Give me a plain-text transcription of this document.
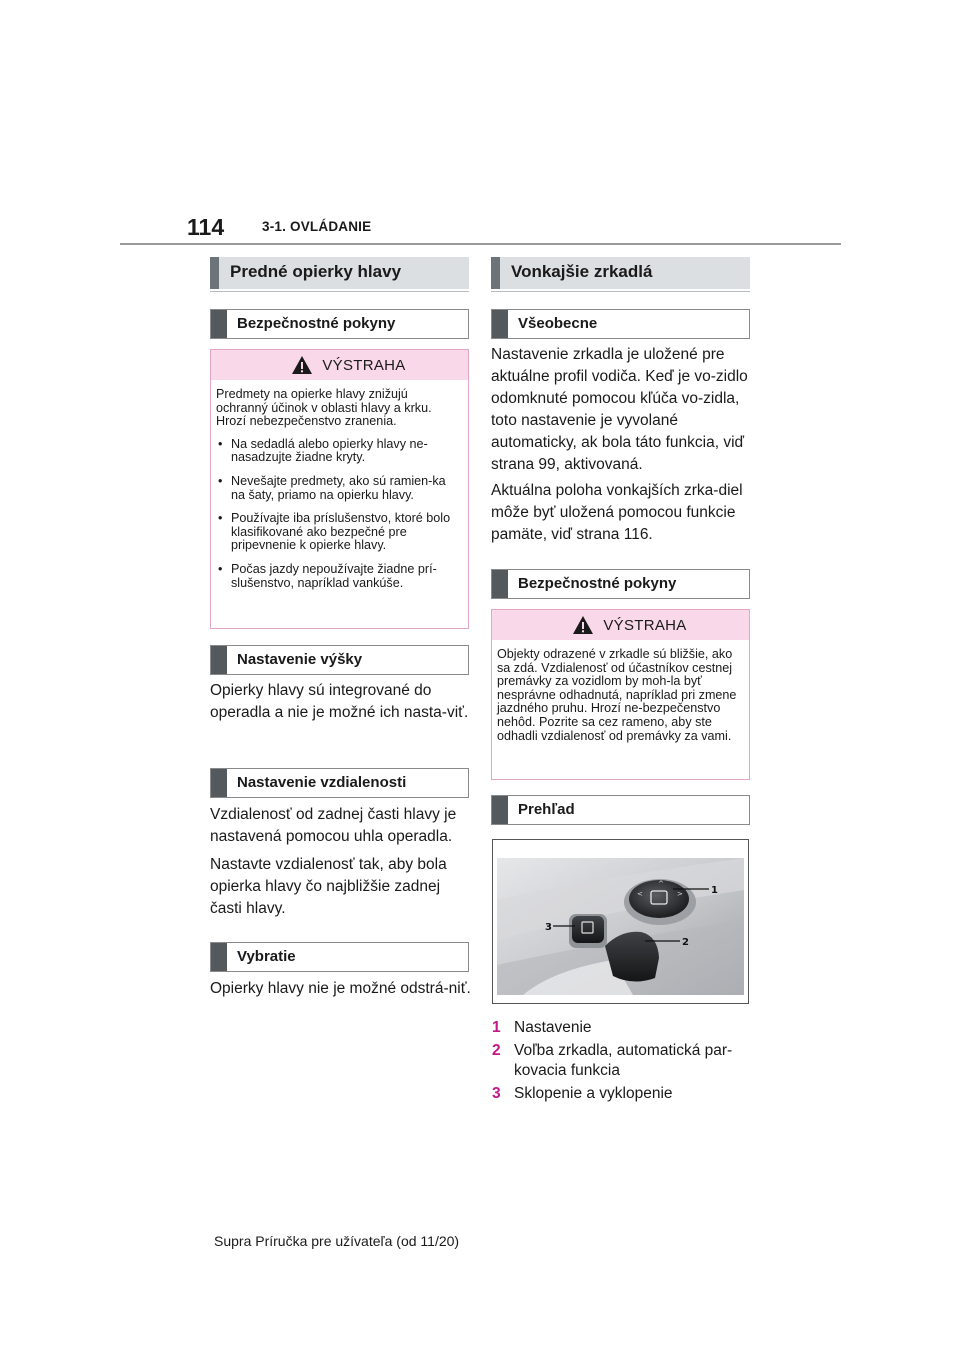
114	3-1. OVLÁDANIE
Predné opierky hlavy
Bezpečnostné pokyny
VÝSTRAHA

Predmety na opierke hlavy znižujú ochranný účinok v oblasti hlavy a krku. Hrozí nebezpečenstvo zranenia.

• Na sedadlá alebo opierky hlavy ne-nasadzujte žiadne kryty.
• Nevešajte predmety, ako sú ramien-ka na šaty, priamo na opierku hlavy.
• Používajte iba príslušenstvo, ktoré bolo klasifikované ako bezpečné pre pripevnenie k opierke hlavy.
• Počas jazdy nepoužívajte žiadne prí-slušenstvo, napríklad vankúše.
Nastavenie výšky

Opierky hlavy sú integrované do operadla a nie je možné ich nasta-viť.

Nastavenie vzdialenosti

Vzdialenosť od zadnej časti hlavy je nastavená pomocou uhla operadla.

Nastavte vzdialenosť tak, aby bola opierka hlavy čo najbližšie zadnej časti hlavy.

Vybratie

Opierky hlavy nie je možné odstrá-niť.

Vonkajšie zrkadlá
Všeobecne

Nastavenie zrkadla je uložené pre aktuálne profil vodiča. Keď je vo-zidlo odomknuté pomocou kľúča vo-zidla, toto nastavenie je vyvolané automaticky, ak bola táto funkcia, viď strana 99, aktivovaná.

Aktuálna poloha vonkajších zrka-diel môže byť uložená pomocou funkcie pamäte, viď strana 116.

Bezpečnostné pokyny
VÝSTRAHA

Objekty odrazené v zrkadle sú bližšie, ako sa zdá. Vzdialenosť od účastníkov cestnej premávky za vozidlom by moh-la byť nesprávne odhadnutá, napríklad pri zmene jazdného pruhu. Hrozí ne-bezpečenstvo nehôd. Pozrite sa cez rameno, aby ste odhadli vzdialenosť od premávky za vami.

Prehľad
<	>
^
1
2
3
1 Nastavenie
2 Voľba zrkadla, automatická par-kovacia funkcia
3 Sklopenie a vyklopenie
Supra Príručka pre užívateľa (od 11/20)
